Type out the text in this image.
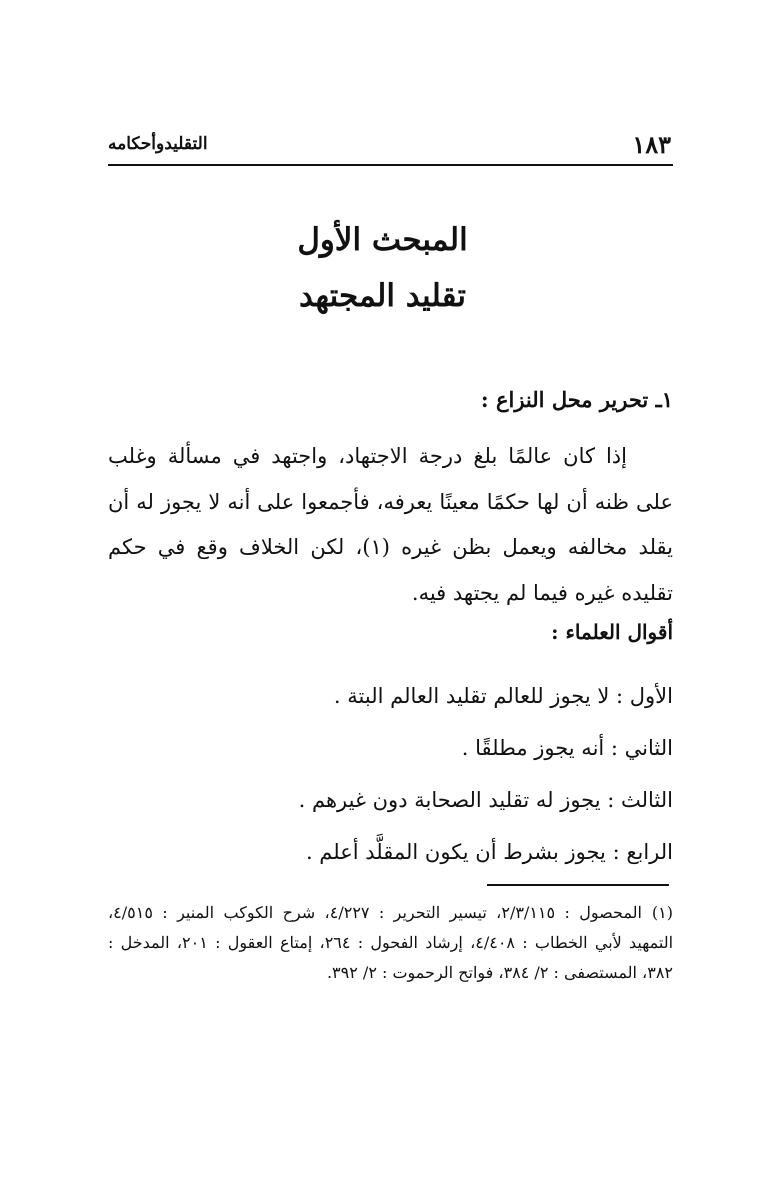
١٨٣
التقليدوأحكامه
المبحث الأول
تقليد المجتهد
١ـ تحرير محل النزاع :

إذا كان عالمًا بلغ درجة الاجتهاد، واجتهد في مسألة وغلب على ظنه أن لها حكمًا معينًا يعرفه، فأجمعوا على أنه لا يجوز له أن يقلد مخالفه ويعمل بظن غيره (١)، لكن الخلاف وقع في حكم تقليده غيره فيما لم يجتهد فيه.

أقوال العلماء :
الأول : لا يجوز للعالم تقليد العالم البتة .
الثاني : أنه يجوز مطلقًا .
الثالث : يجوز له تقليد الصحابة دون غيرهم .
الرابع : يجوز بشرط أن يكون المقلَّد أعلم .
(١)المحصول : ٢/٣/١١٥، تيسير التحرير : ٤/٢٢٧، شرح الكوكب المنير : ٤/٥١٥، التمهيد لأبي الخطاب : ٤/٤٠٨، إرشاد الفحول : ٢٦٤، إمتاع العقول : ٢٠١، المدخل : ٣٨٢، المستصفى : ٢/ ٣٨٤، فواتح الرحموت : ٢/ ٣٩٢.
